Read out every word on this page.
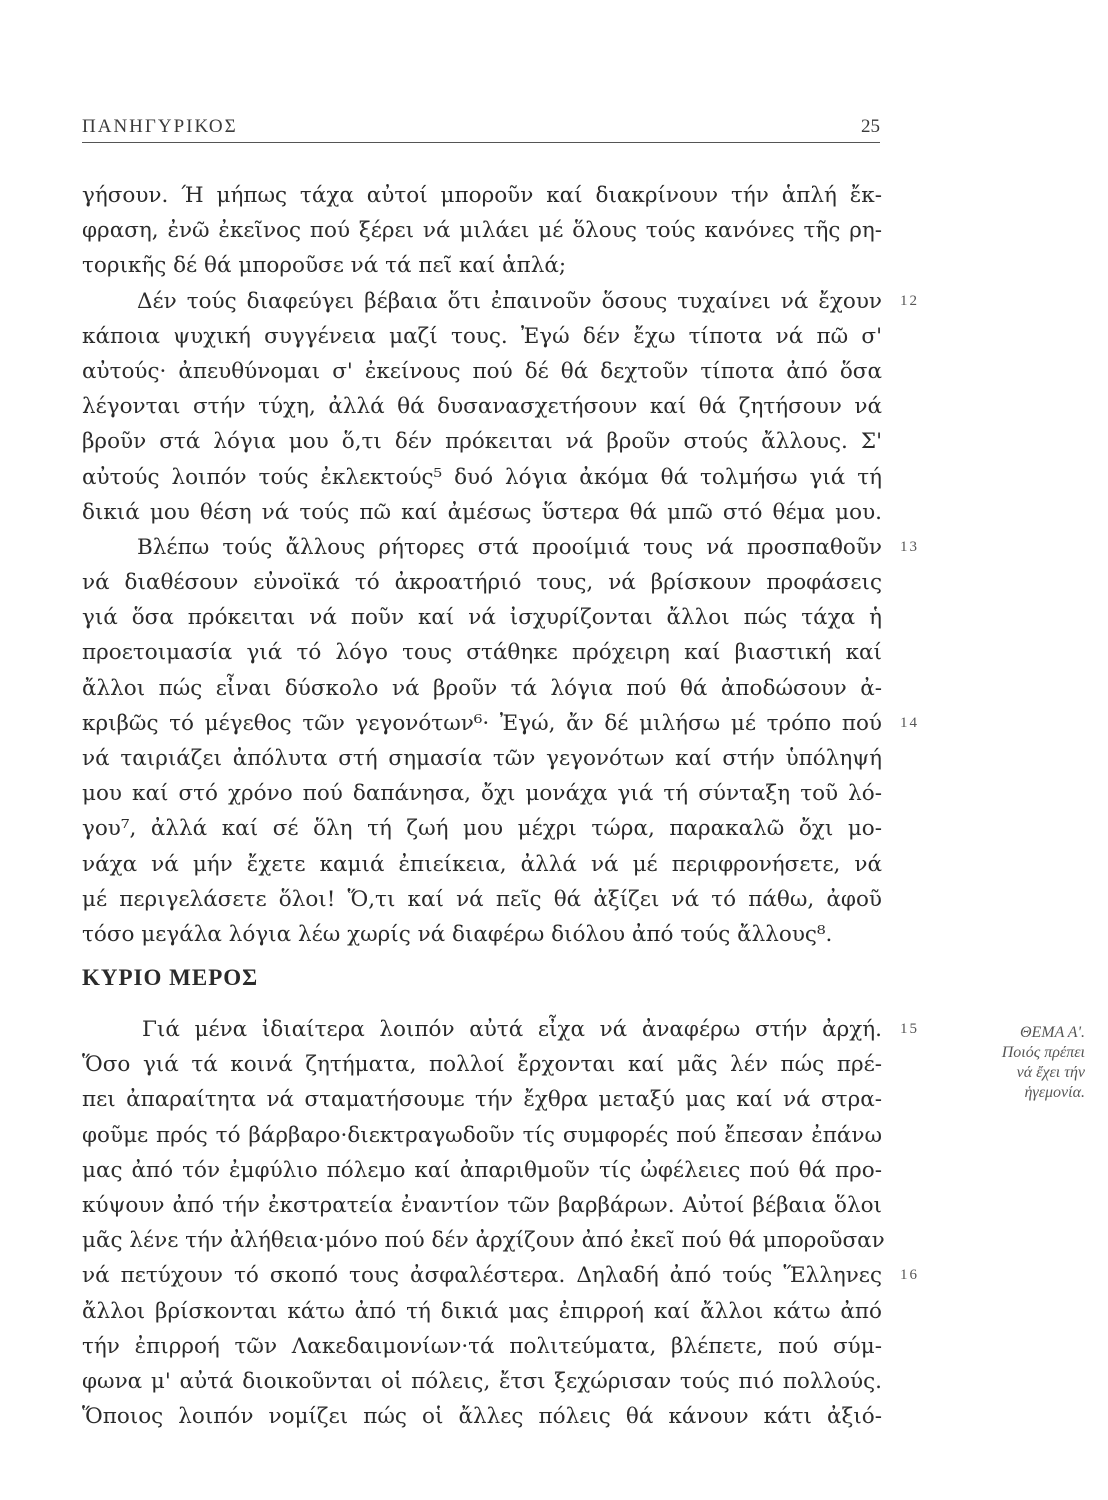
ΠΑΝΗΓΥΡΙΚΟΣ	25
γήσουν. Ή μήπως τάχα αὐτοί μποροῦν καί διακρίνουν τήν ἁπλή ἔκ-
φραση, ἐνῶ ἐκεῖνος πού ξέρει νά μιλάει μέ ὅλους τούς κανόνες τῆς ρη-
τορικῆς δέ θά μποροῦσε νά τά πεῖ καί ἁπλά;
Δέν τούς διαφεύγει βέβαια ὅτι ἐπαινοῦν ὅσους τυχαίνει νά ἔχουν 12
κάποια ψυχική συγγένεια μαζί τους. Ἐγώ δέν ἔχω τίποτα νά πῶ σ'
αὐτούς· ἀπευθύνομαι σ' ἐκείνους πού δέ θά δεχτοῦν τίποτα ἀπό ὅσα
λέγονται στήν τύχη, ἀλλά θά δυσανασχετήσουν καί θά ζητήσουν νά
βροῦν στά λόγια μου ὅ,τι δέν πρόκειται νά βροῦν στούς ἄλλους. Σ'
αὐτούς λοιπόν τούς ἐκλεκτούς⁵ δυό λόγια ἀκόμα θά τολμήσω γιά τή
δικιά μου θέση νά τούς πῶ καί ἀμέσως ὕστερα θά μπῶ στό θέμα μου.
Βλέπω τούς ἄλλους ρήτορες στά προοίμιά τους νά προσπαθοῦν 13
νά διαθέσουν εὐνοϊκά τό ἀκροατήριό τους, νά βρίσκουν προφάσεις
γιά ὅσα πρόκειται νά ποῦν καί νά ἰσχυρίζονται ἄλλοι πώς τάχα ἡ
προετοιμασία γιά τό λόγο τους στάθηκε πρόχειρη καί βιαστική καί
ἄλλοι πώς εἶναι δύσκολο νά βροῦν τά λόγια πού θά ἀποδώσουν ἀ-
κριβῶς τό μέγεθος τῶν γεγονότων⁶· Ἐγώ, ἄν δέ μιλήσω μέ τρόπο πού 14
νά ταιριάζει ἀπόλυτα στή σημασία τῶν γεγονότων καί στήν ὑπόληψή
μου καί στό χρόνο πού δαπάνησα, ὄχι μονάχα γιά τή σύνταξη τοῦ λό-
γου⁷, ἀλλά καί σέ ὅλη τή ζωή μου μέχρι τώρα, παρακαλῶ ὄχι μο-
νάχα νά μήν ἔχετε καμιά ἐπιείκεια, ἀλλά νά μέ περιφρονήσετε, νά
μέ περιγελάσετε ὅλοι! Ὅ,τι καί νά πεῖς θά ἀξίζει νά τό πάθω, ἀφοῦ
τόσο μεγάλα λόγια λέω χωρίς νά διαφέρω διόλου ἀπό τούς ἄλλους⁸.
ΚΥΡΙΟ ΜΕΡΟΣ
Γιά μένα ἰδιαίτερα λοιπόν αὐτά εἶχα νά ἀναφέρω στήν ἀρχή. 15
Ὅσο γιά τά κοινά ζητήματα, πολλοί ἔρχονται καί μᾶς λέν πώς πρέ-
πει ἀπαραίτητα νά σταματήσουμε τήν ἔχθρα μεταξύ μας καί νά στρα-
φοῦμε πρός τό βάρβαρο·διεκτραγωδοῦν τίς συμφορές πού ἔπεσαν ἐπάνω
μας ἀπό τόν ἐμφύλιο πόλεμο καί ἀπαριθμοῦν τίς ὠφέλειες πού θά προ-
κύψουν ἀπό τήν ἐκστρατεία ἐναντίον τῶν βαρβάρων. Αὐτοί βέβαια ὅλοι
μᾶς λένε τήν ἀλήθεια·μόνο πού δέν ἀρχίζουν ἀπό ἐκεῖ πού θά μποροῦσαν
νά πετύχουν τό σκοπό τους ἀσφαλέστερα. Δηλαδή ἀπό τούς Ἕλληνες 16
ἄλλοι βρίσκονται κάτω ἀπό τή δικιά μας ἐπιρροή καί ἄλλοι κάτω ἀπό
τήν ἐπιρροή τῶν Λακεδαιμονίων·τά πολιτεύματα, βλέπετε, πού σύμ-
φωνα μ' αὐτά διοικοῦνται οἱ πόλεις, ἔτσι ξεχώρισαν τούς πιό πολλούς.
Ὅποιος λοιπόν νομίζει πώς οἱ ἄλλες πόλεις θά κάνουν κάτι ἀξιό-
ΘΕΜΑ Α'.
Ποιός πρέπει
νά ἔχει τήν
ἡγεμονία.
